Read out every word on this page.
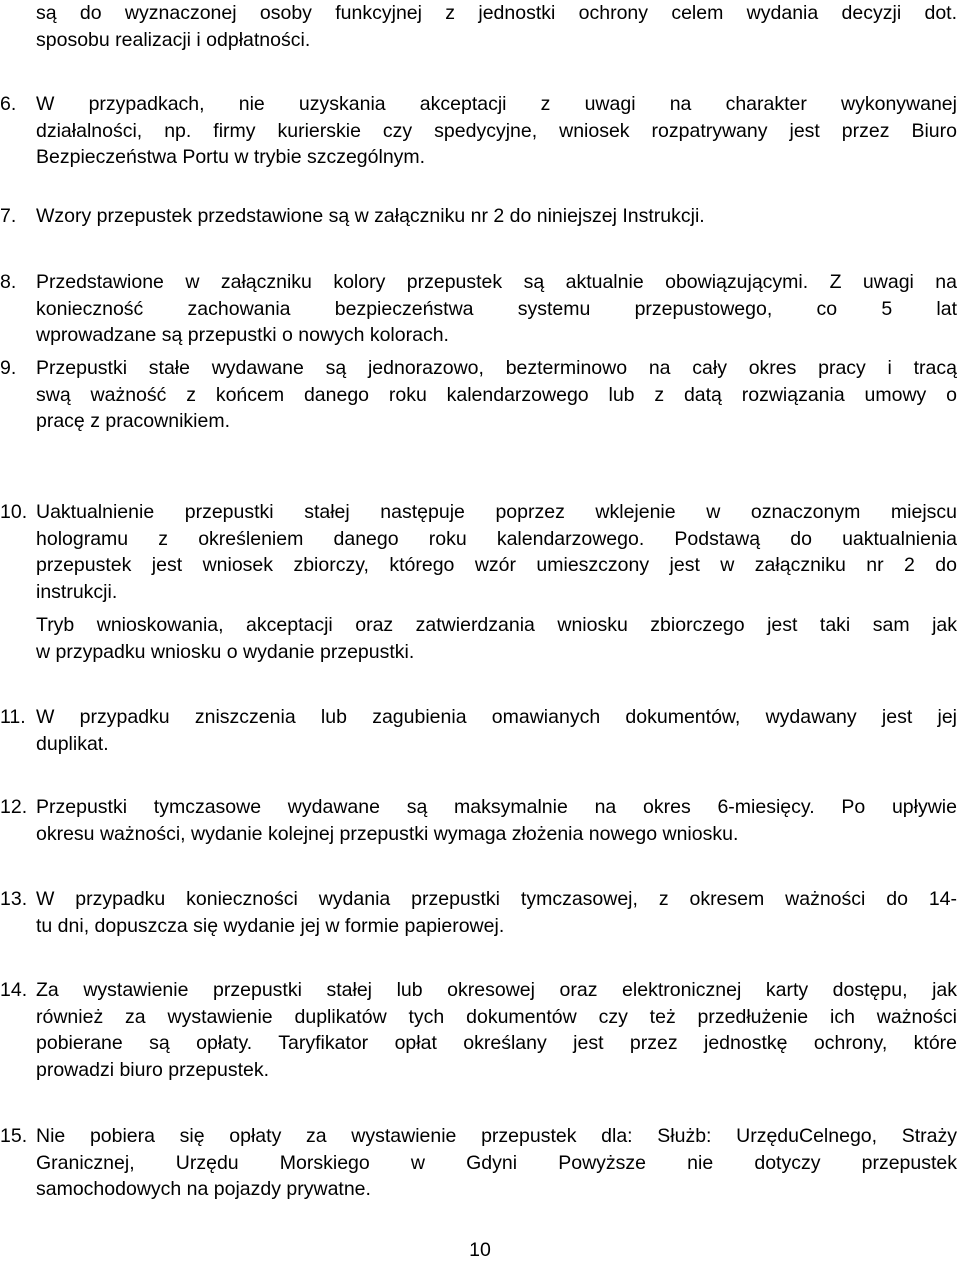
są do wyznaczonej osoby funkcyjnej z jednostki ochrony celem wydania decyzji dot.
sposobu realizacji i odpłatności.
6. W przypadkach, nie uzyskania akceptacji z uwagi na charakter wykonywanej
działalności, np. firmy kurierskie czy spedycyjne, wniosek rozpatrywany jest przez Biuro
Bezpieczeństwa Portu w trybie szczególnym.
7. Wzory przepustek przedstawione są w załączniku nr 2 do niniejszej Instrukcji.
8. Przedstawione w załączniku kolory przepustek są aktualnie obowiązującymi. Z uwagi na
konieczność zachowania bezpieczeństwa systemu przepustowego, co 5 lat
wprowadzane są przepustki o nowych kolorach.
9. Przepustki stałe wydawane są jednorazowo, bezterminowo na cały okres pracy i tracą
swą ważność z końcem danego roku kalendarzowego lub z datą rozwiązania umowy o
pracę z pracownikiem.
10. Uaktualnienie przepustki stałej następuje poprzez wklejenie w oznaczonym miejscu
hologramu z określeniem danego roku kalendarzowego. Podstawą do uaktualnienia
przepustek jest wniosek zbiorczy, którego wzór umieszczony jest w załączniku nr 2 do
instrukcji.
Tryb wnioskowania, akceptacji oraz zatwierdzania wniosku zbiorczego jest taki sam jak
w przypadku wniosku o wydanie przepustki.
11. W przypadku zniszczenia lub zagubienia omawianych dokumentów, wydawany jest jej
duplikat.
12. Przepustki tymczasowe wydawane są maksymalnie na okres 6-miesięcy. Po upływie
okresu ważności, wydanie kolejnej przepustki wymaga złożenia nowego wniosku.
13. W przypadku konieczności wydania przepustki tymczasowej, z okresem ważności do 14-
tu dni, dopuszcza się wydanie jej w formie papierowej.
14. Za wystawienie przepustki stałej lub okresowej oraz elektronicznej karty dostępu, jak
również za wystawienie duplikatów tych dokumentów czy też przedłużenie ich ważności
pobierane są opłaty. Taryfikator opłat określany jest przez jednostkę ochrony, które
prowadzi biuro przepustek.
15. Nie pobiera się opłaty za wystawienie przepustek dla: Służb: UrzęduCelnego, Straży
Granicznej, Urzędu Morskiego w Gdyni Powyższe nie dotyczy przepustek
samochodowych na pojazdy prywatne.
10
